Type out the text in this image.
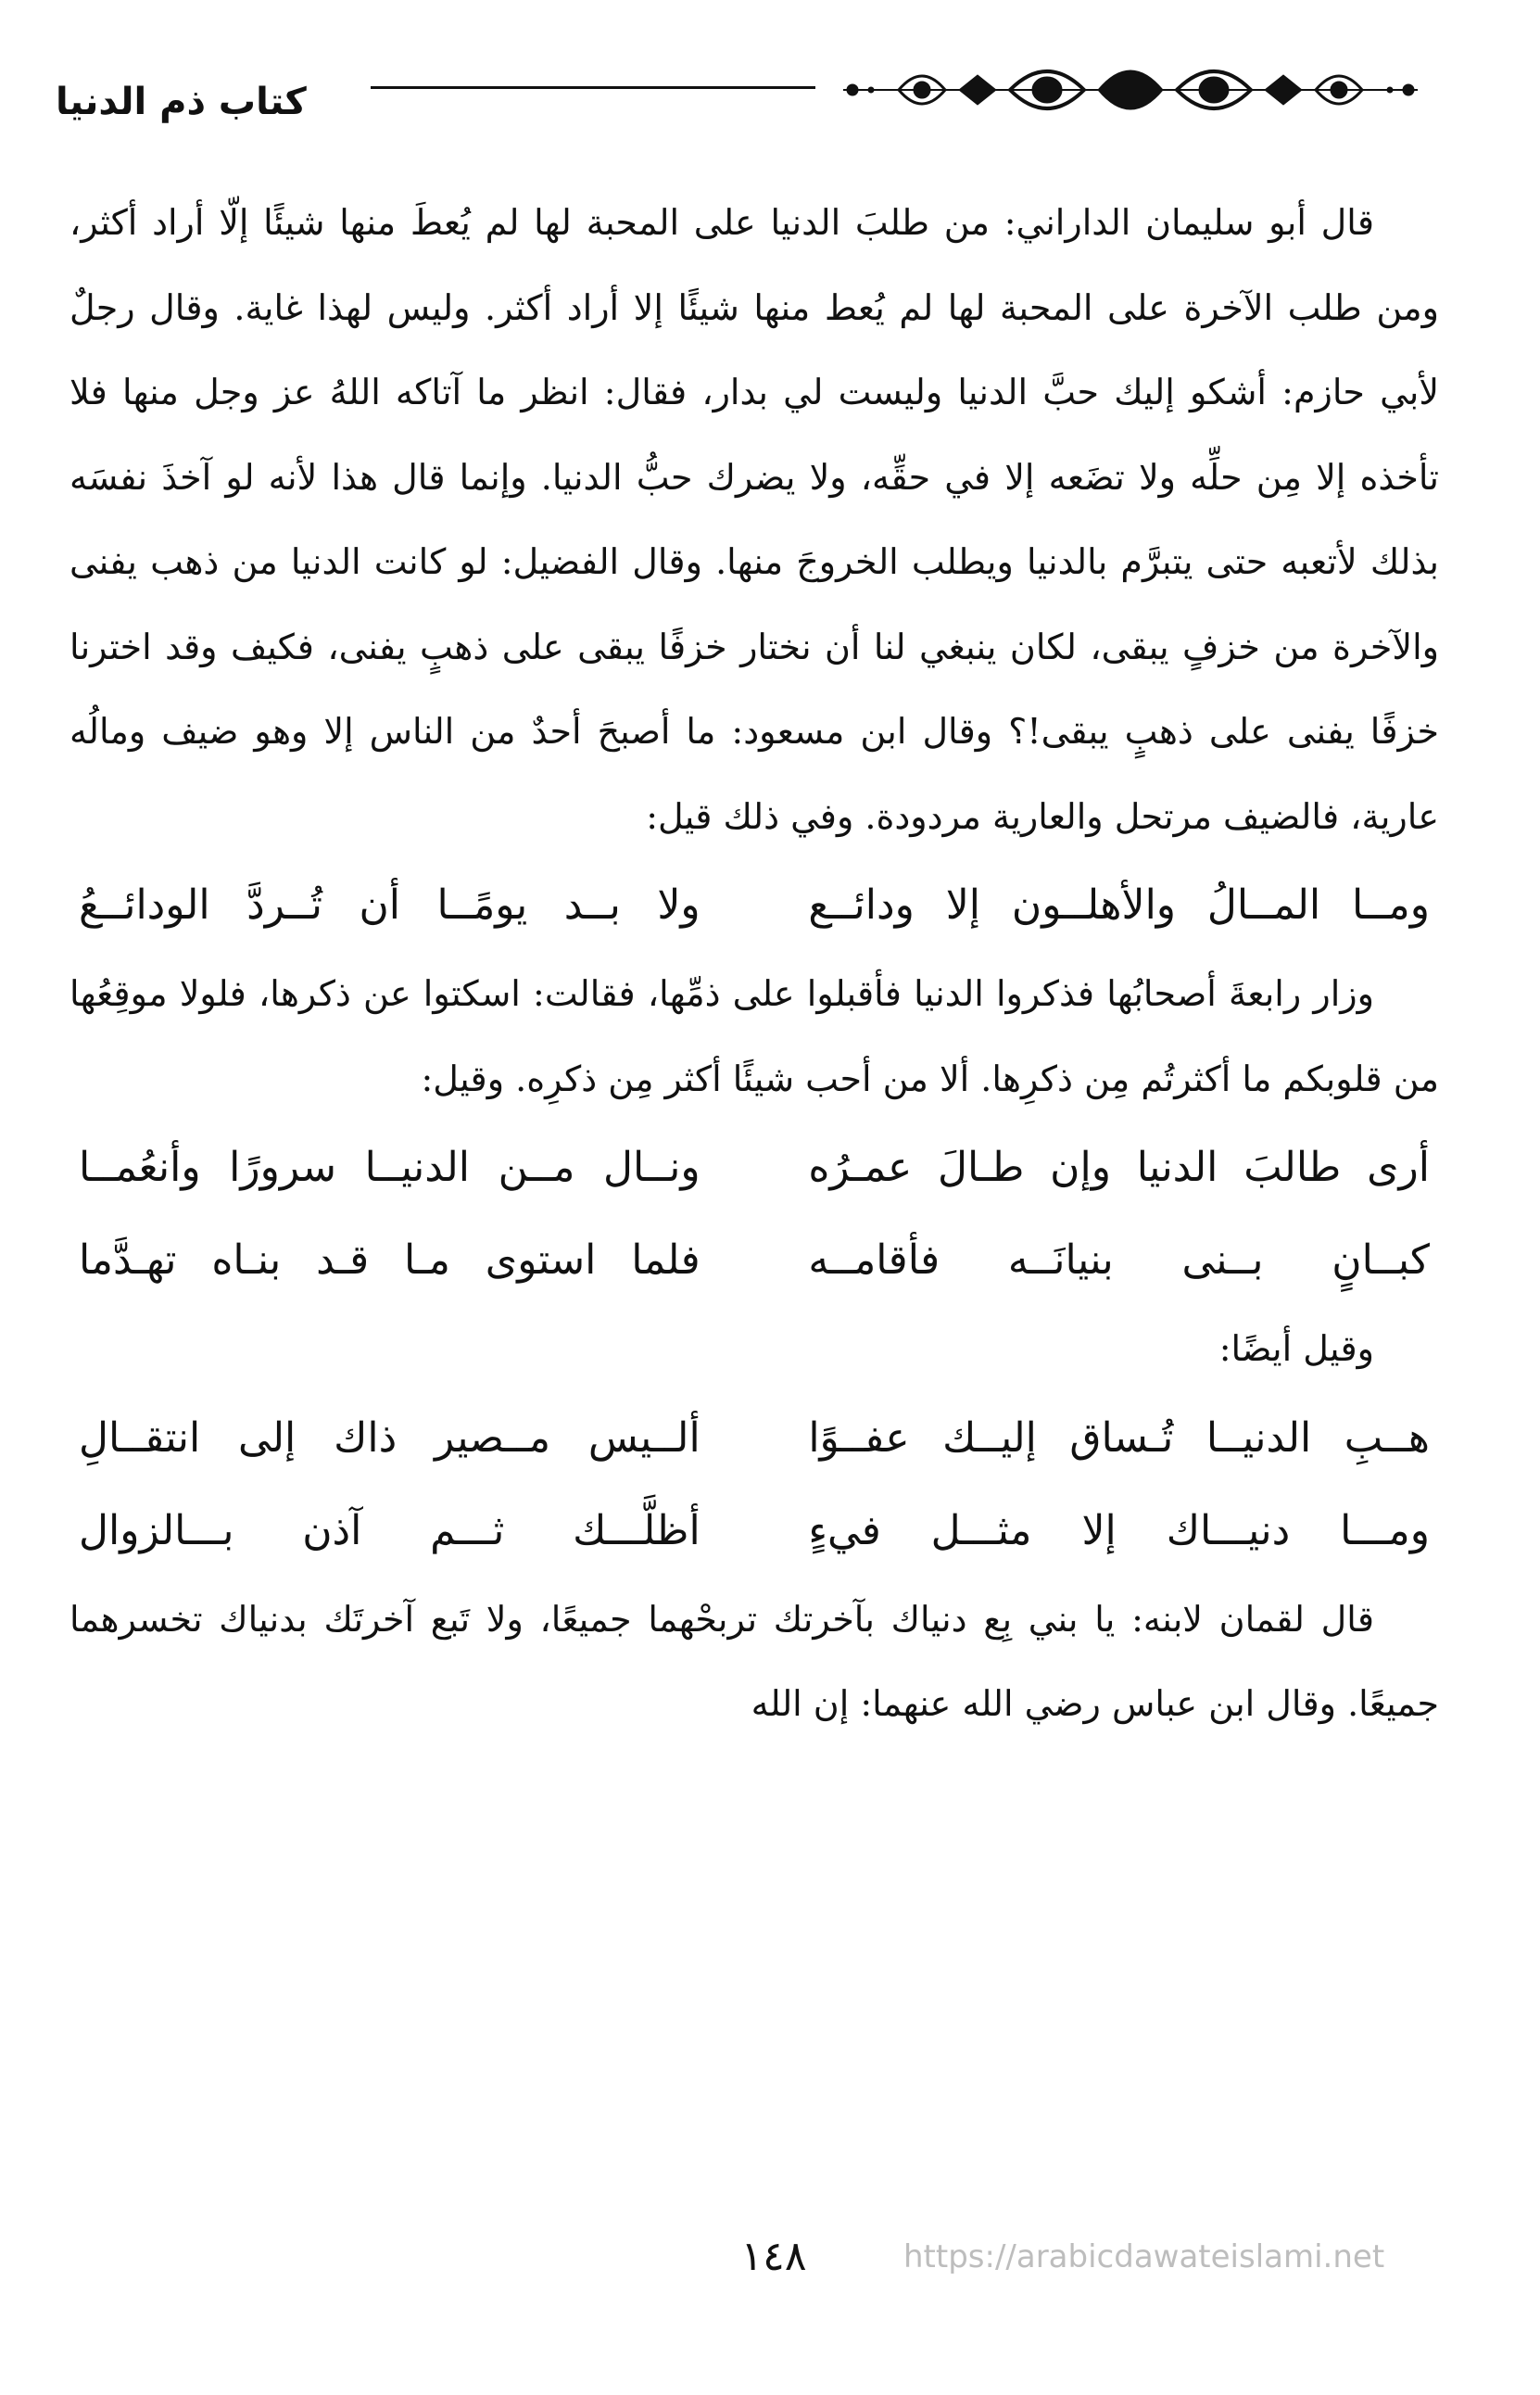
كتاب ذم الدنيا

قال أبو سليمان الداراني: من طلبَ الدنيا على المحبة لها لم يُعطَ منها شيئًا إلّا أراد أكثر، ومن طلب الآخرة على المحبة لها لم يُعط منها شيئًا إلا أراد أكثر. وليس لهذا غاية. وقال رجلٌ لأبي حازم: أشكو إليك حبَّ الدنيا وليست لي بدار، فقال: انظر ما آتاكه اللهُ عز وجل منها فلا تأخذه إلا مِن حلِّه ولا تضَعه إلا في حقِّه، ولا يضرك حبُّ الدنيا. وإنما قال هذا لأنه لو آخذَ نفسَه بذلك لأتعبه حتى يتبرَّم بالدنيا ويطلب الخروجَ منها. وقال الفضيل: لو كانت الدنيا من ذهب يفنى والآخرة من خزفٍ يبقى، لكان ينبغي لنا أن نختار خزفًا يبقى على ذهبٍ يفنى، فكيف وقد اخترنا خزفًا يفنى على ذهبٍ يبقى!؟ وقال ابن مسعود: ما أصبحَ أحدٌ من الناس إلا وهو ضيف ومالُه عارية، فالضيف مرتحل والعارية مردودة. وفي ذلك قيل:

ومــا المــالُ والأهلــون إلا ودائــع
ولا بــد يومًــا أن تُــردَّ الودائــعُ

وزار رابعةَ أصحابُها فذكروا الدنيا فأقبلوا على ذمِّها، فقالت: اسكتوا عن ذكرها، فلولا موقِعُها من قلوبكم ما أكثرتُم مِن ذكرِها. ألا من أحب شيئًا أكثر مِن ذكرِه. وقيل:

أرى طالبَ الدنيا وإن طـالَ عمـرُه
ونــال مــن الدنيــا سرورًا وأنعُمــا
كبــانٍ بــنى بنيانَــه فأقامــه
فلما استوى مـا قـد بنـاه تهـدَّما

وقيل أيضًا:

هــبِ الدنيــا تُـساق إليــك عفــوًا
ألــيس مــصير ذاك إلى انتقــالِ
ومـــا دنيـــاك إلا مثـــل فيءٍ
أظلَّـــك ثـــم آذن بـــالزوال

قال لقمان لابنه: يا بني بِع دنياك بآخرتك تربحْهما جميعًا، ولا تَبع آخرتَك بدنياك تخسرهما جميعًا. وقال ابن عباس رضي الله عنهما: إن الله

١٤٨	https://arabicdawateislami.net
